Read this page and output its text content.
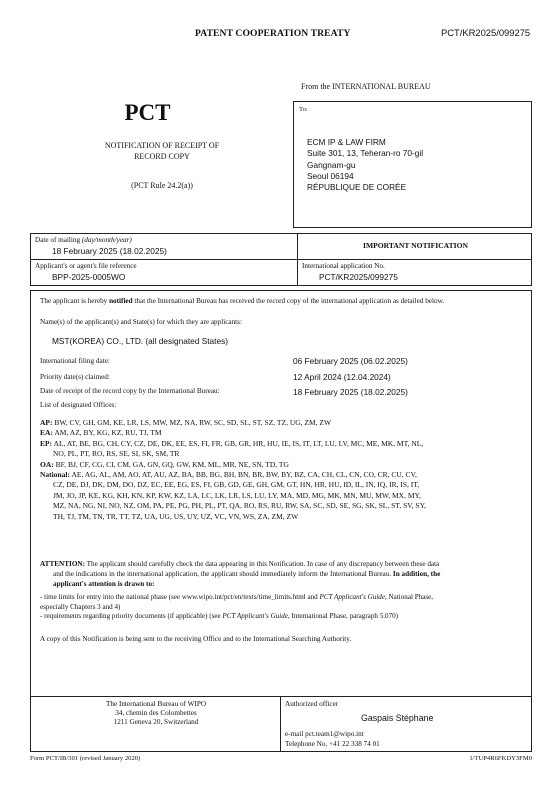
PATENT COOPERATION TREATY	PCT/KR2025/099275
From the INTERNATIONAL BUREAU
PCT
NOTIFICATION OF RECEIPT OF
RECORD COPY
(PCT Rule 24.2(a))
To:
ECM IP & LAW FIRM
Suite 301, 13, Teheran-ro 70-gil
Gangnam-gu
Seoul 06194
RÉPUBLIQUE DE CORÉE
Date of mailing (day/month/year)
18 February 2025 (18.02.2025)
IMPORTANT NOTIFICATION
Applicant's or agent's file reference
BPP-2025-0005WO
International application No.
PCT/KR2025/099275
The applicant is hereby notified that the International Bureau has received the record copy of the international application as detailed below.
Name(s) of the applicant(s) and State(s) for which they are applicants:
MST(KOREA) CO., LTD. (all designated States)
International filing date:	06 February 2025 (06.02.2025)
Priority date(s) claimed:	12 April 2024 (12.04.2024)
Date of receipt of the record copy by the International Bureau:	18 February 2025 (18.02.2025)
List of designated Offices:
AP: BW, CV, GH, GM, KE, LR, LS, MW, MZ, NA, RW, SC, SD, SL, ST, SZ, TZ, UG, ZM, ZW
EA: AM, AZ, BY, KG, KZ, RU, TJ, TM
EP: AL, AT, BE, BG, CH, CY, CZ, DE, DK, EE, ES, FI, FR, GB, GR, HR, HU, IE, IS, IT, LT, LU, LV, MC, ME, MK, MT, NL,
NO, PL, PT, RO, RS, SE, SI, SK, SM, TR
OA: BF, BJ, CF, CG, CI, CM, GA, GN, GQ, GW, KM, ML, MR, NE, SN, TD, TG
National: AE, AG, AL, AM, AO, AT, AU, AZ, BA, BB, BG, BH, BN, BR, BW, BY, BZ, CA, CH, CL, CN, CO, CR, CU, CV,
CZ, DE, DJ, DK, DM, DO, DZ, EC, EE, EG, ES, FI, GB, GD, GE, GH, GM, GT, HN, HR, HU, ID, IL, IN, IQ, IR, IS, IT,
JM, JO, JP, KE, KG, KH, KN, KP, KW, KZ, LA, LC, LK, LR, LS, LU, LY, MA, MD, MG, MK, MN, MU, MW, MX, MY,
MZ, NA, NG, NI, NO, NZ, OM, PA, PE, PG, PH, PL, PT, QA, RO, RS, RU, RW, SA, SC, SD, SE, SG, SK, SL, ST, SV, SY,
TH, TJ, TM, TN, TR, TT, TZ, UA, UG, US, UY, UZ, VC, VN, WS, ZA, ZM, ZW
ATTENTION: The applicant should carefully check the data appearing in this Notification. In case of any discrepancy between these data
and the indications in the international application, the applicant should immediately inform the International Bureau. In addition, the
applicant's attention is drawn to:
- time limits for entry into the national phase (see www.wipo.int/pct/en/texts/time_limits.html and PCT Applicant's Guide, National Phase,
especially Chapters 3 and 4)
- requirements regarding priority documents (if applicable) (see PCT Applicant's Guide, International Phase, paragraph 5.070)
A copy of this Notification is being sent to the receiving Office and to the International Searching Authority.
The International Bureau of WIPO
34, chemin des Colombettes
1211 Geneva 20, Switzerland
Authorized officer
Gaspais Stéphane
e-mail pct.team1@wipo.int
Telephone No. +41 22 338 74 01
Form PCT/IB/301 (revised January 2020)	1/TUP4R6FKDY3FM0
